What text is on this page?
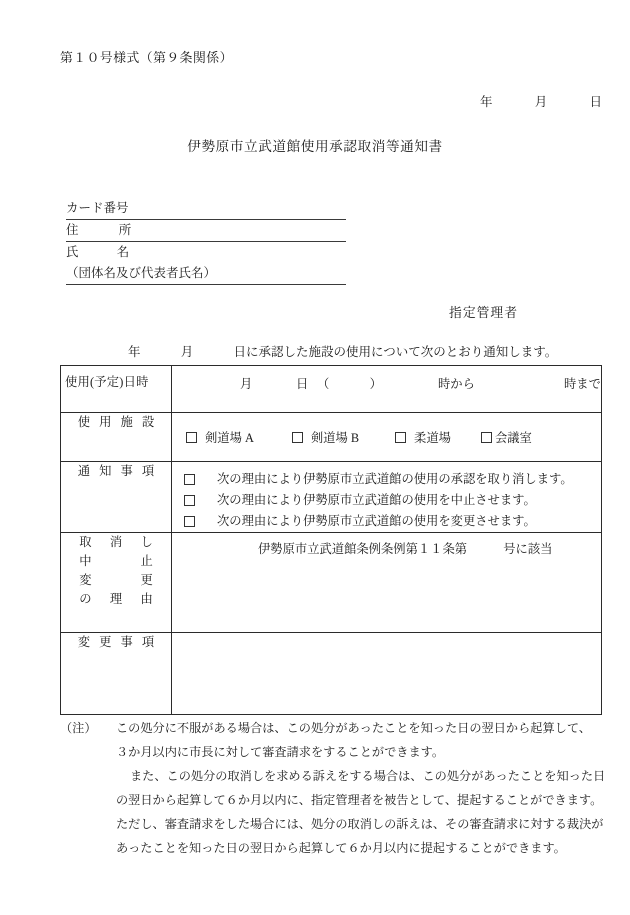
第１０号様式（第９条関係）
年	月	日
伊勢原市立武道館使用承認取消等通知書
カード番号
住	所
氏	名
（団体名及び代表者氏名）
指定管理者
年	月	日に承認した施設の使用について次のとおり通知します。
使用(予定)日時	月 日 （　） 時から 時まで

使 用 施 設	剣道場 A 剣道場 B 柔道場 会議室

通 知 事 項	次の理由により伊勢原市立武道館の使用の承認を取り消します。
次の理由により伊勢原市立武道館の使用を中止させます。
次の理由により伊勢原市立武道館の使用を変更させます。

取　消　し
中　　　止
変　　　更
の　理　由	伊勢原市立武道館条例条例第１１条第 号に該当

変 更 事 項	

（注） この処分に不服がある場合は、この処分があったことを知った日の翌日から起算して、
３か月以内に市長に対して審査請求をすることができます。
また、この処分の取消しを求める訴えをする場合は、この処分があったことを知った日
の翌日から起算して６か月以内に、指定管理者を被告として、提起することができます。
ただし、審査請求をした場合には、処分の取消しの訴えは、その審査請求に対する裁決が
あったことを知った日の翌日から起算して６か月以内に提起することができます。
